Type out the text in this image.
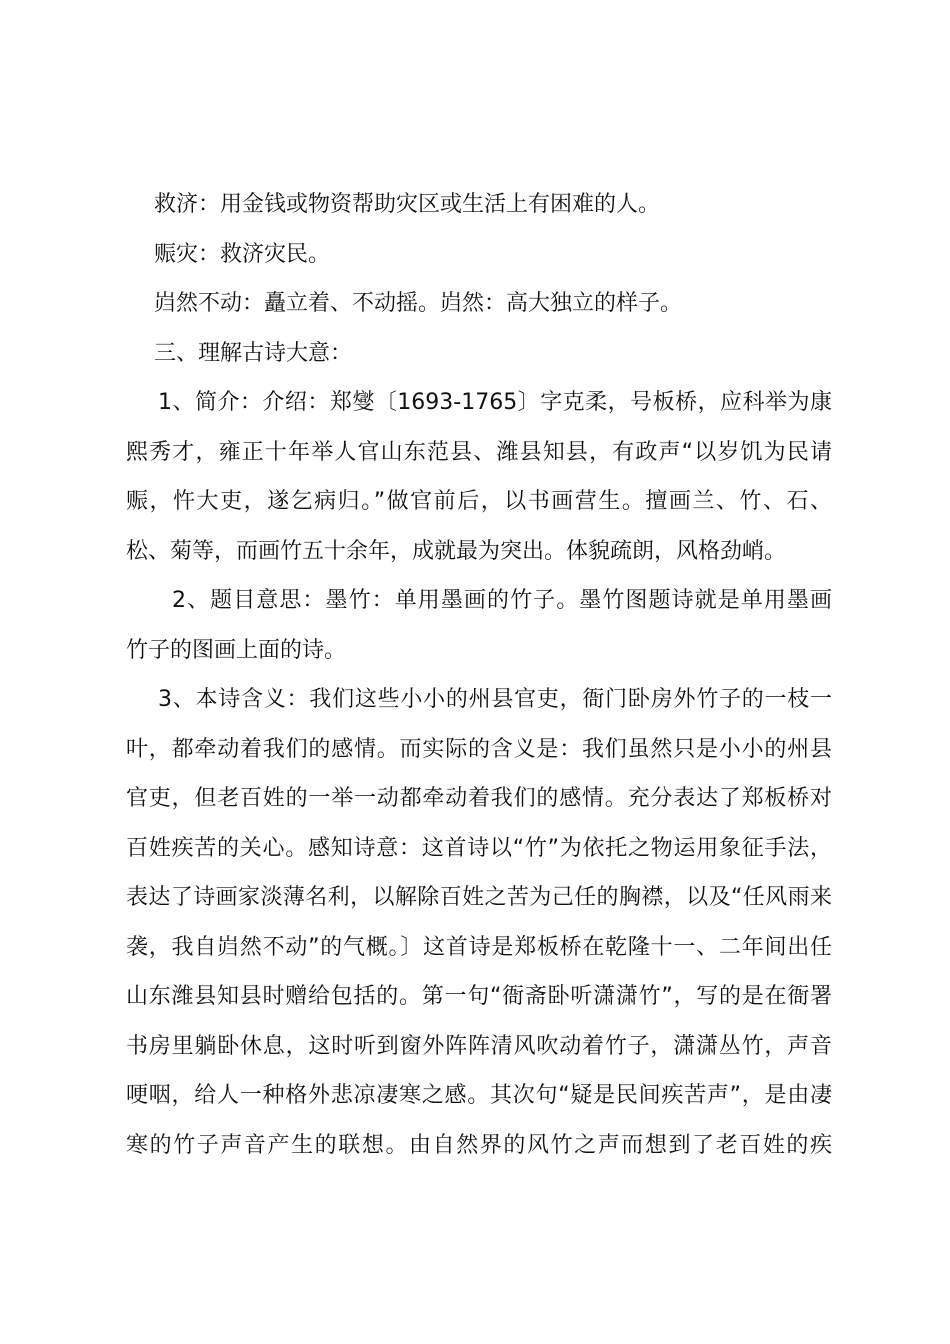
救济：用金钱或物资帮助灾区或生活上有困难的人。
赈灾：救济灾民。
岿然不动：矗立着、不动摇。岿然：高大独立的样子。
三、理解古诗大意：
1、简介：介绍：郑燮〔1693-1765〕字克柔，号板桥，应科举为康
熙秀才，雍正十年举人官山东范县、潍县知县，有政声“以岁饥为民请
赈，忤大吏，遂乞病归。”做官前后，以书画营生。擅画兰、竹、石、
松、菊等，而画竹五十余年，成就最为突出。体貌疏朗，风格劲峭。
2、题目意思：墨竹：单用墨画的竹子。墨竹图题诗就是单用墨画
竹子的图画上面的诗。
3、本诗含义：我们这些小小的州县官吏，衙门卧房外竹子的一枝一
叶，都牵动着我们的感情。而实际的含义是：我们虽然只是小小的州县
官吏，但老百姓的一举一动都牵动着我们的感情。充分表达了郑板桥对
百姓疾苦的关心。感知诗意：这首诗以“竹”为依托之物运用象征手法，
表达了诗画家淡薄名利，以解除百姓之苦为己任的胸襟，以及“任风雨来
袭，我自岿然不动”的气概。〕这首诗是郑板桥在乾隆十一、二年间出任
山东潍县知县时赠给包括的。第一句“衙斋卧听潇潇竹”，写的是在衙署
书房里躺卧休息，这时听到窗外阵阵清风吹动着竹子，潇潇丛竹，声音
哽咽，给人一种格外悲凉凄寒之感。其次句“疑是民间疾苦声”，是由凄
寒的竹子声音产生的联想。由自然界的风竹之声而想到了老百姓的疾
